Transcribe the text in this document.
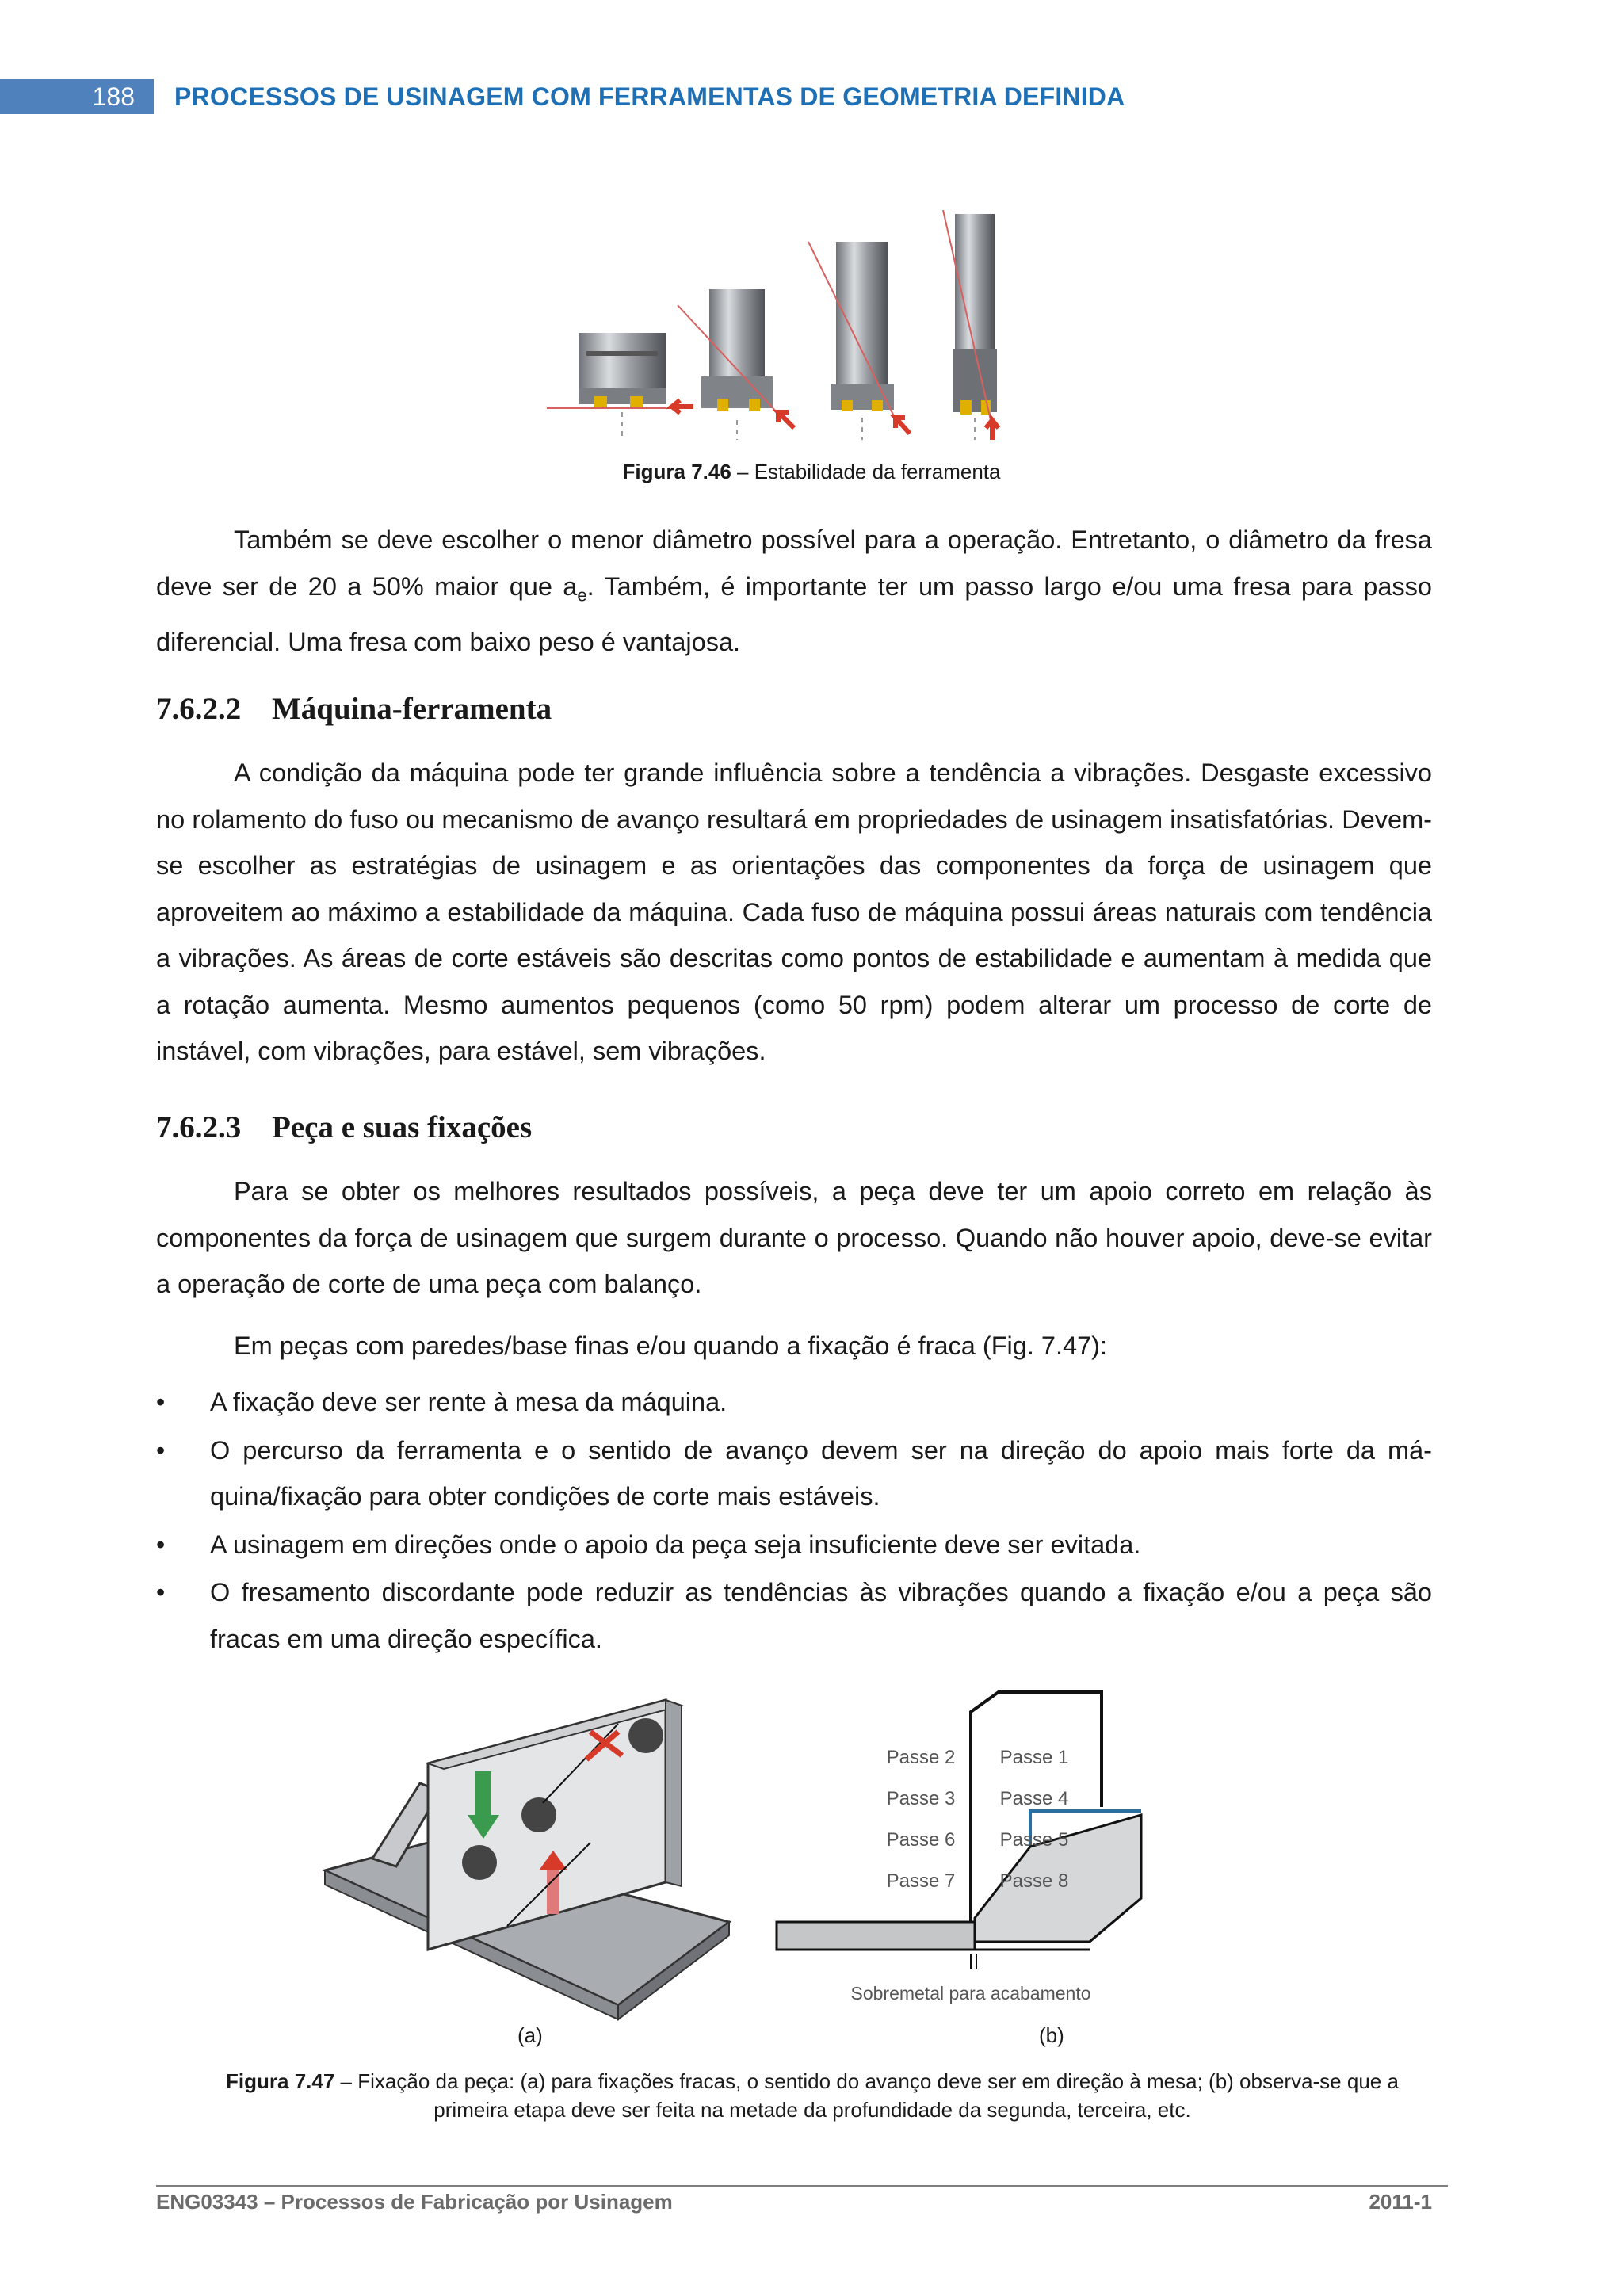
188	PROCESSOS DE USINAGEM COM FERRAMENTAS DE GEOMETRIA DEFINIDA
Figura 7.46 – Estabilidade da ferramenta

Também se deve escolher o menor diâmetro possível para a operação. Entretanto, o diâmetro da fresa deve ser de 20 a 50% maior que $a_e$. Também, é importante ter um passo largo e/ou uma fresa para passo diferencial. Uma fresa com baixo peso é vantajosa.

7.6.2.2 Máquina-ferramenta

A condição da máquina pode ter grande influência sobre a tendência a vibrações. Desgaste excessivo no rolamento do fuso ou mecanismo de avanço resultará em propriedades de usinagem insatisfatórias. Devem-se escolher as estratégias de usinagem e as orientações das componentes da força de usinagem que aproveitem ao máximo a estabilidade da máquina. Cada fuso de máquina possui áreas naturais com tendência a vibrações. As áreas de corte estáveis são descritas como pontos de estabilidade e aumentam à medida que a rotação aumenta. Mesmo aumentos pequenos (como 50 rpm) podem alterar um processo de corte de instável, com vibrações, para estável, sem vibrações.

7.6.2.3 Peça e suas fixações

Para se obter os melhores resultados possíveis, a peça deve ter um apoio correto em relação às componentes da força de usinagem que surgem durante o processo. Quando não houver apoio, deve-se evitar a operação de corte de uma peça com balanço.

Em peças com paredes/base finas e/ou quando a fixação é fraca (Fig. 7.47):

• A fixação deve ser rente à mesa da máquina.
• O percurso da ferramenta e o sentido de avanço devem ser na direção do apoio mais forte da máquina/fixação para obter condições de corte mais estáveis.
• A usinagem em direções onde o apoio da peça seja insuficiente deve ser evitada.
• O fresamento discordante pode reduzir as tendências às vibrações quando a fixação e/ou a peça são fracas em uma direção específica.
Passe 2 Passe 1
Passe 3 Passe 4
Passe 6 Passe 5
Passe 7 Passe 8
Sobremetal para acabamento
(a)	(b)
Figura 7.47 – Fixação da peça: (a) para fixações fracas, o sentido do avanço deve ser em direção à mesa; (b) observa-se que a primeira etapa deve ser feita na metade da profundidade da segunda, terceira, etc.
ENG03343 – Processos de Fabricação por Usinagem	2011-1
